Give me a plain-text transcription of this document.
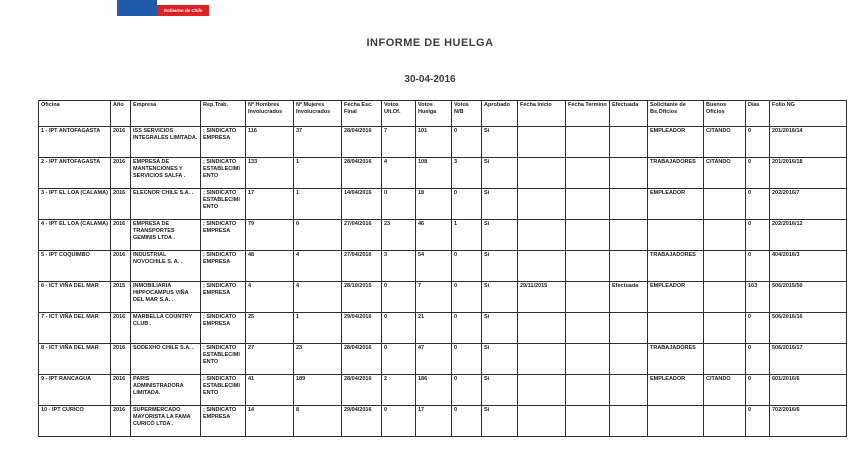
Gobierno de Chile
INFORME DE HUELGA
30-04-2016
Oficina	Año	Empresa	Rep.Trab.	Nº Hombres Involucrados	Nº Mujeres Involucrados	Fecha Esc. Final	Votos Ult.Of.	Votos Huelga	Votos N/B	Aprobado	Fecha Inicio	Fecha Termino	Efectuada	Solicitante de Bs.Oficios	Buenos Oficios	Días	Folio NG
1 - IPT ANTOFAGASTA	2016	ISS SERVICIOS INTEGRALES LIMITADA.	; SINDICATO EMPRESA	116	37	28/04/2016	7	101	0	Si				EMPLEADOR	CITANDO	0	201/2016/14
2 - IPT ANTOFAGASTA	2016	EMPRESA DE MANTENCIONES Y SERVICIOS SALFA .	; SINDICATO ESTABLECIMIENTO	133	1	28/04/2016	4	108	3	Si				TRABAJADORES	CITANDO	0	201/2016/18
3 - IPT EL LOA (CALAMA)	2016	ELECNOR CHILE S.A. .	; SINDICATO ESTABLECIMIENTO	17	1	14/04/2016	0	18	0	Si				EMPLEADOR		0	202/2016/7
4 - IPT EL LOA (CALAMA)	2016	EMPRESA DE TRANSPORTES GEMINIS LTDA .	; SINDICATO EMPRESA	79	0	27/04/2016	23	46	1	Si						0	202/2016/12
5 - IPT COQUIMBO	2016	INDUSTRIAL NOVOCHILE S. A. .	; SINDICATO EMPRESA	48	4	27/04/2016	3	54	0	Si				TRABAJADORES		0	404/2016/3
6 - ICT VIÑA DEL MAR	2015	INMOBILIARIA HIPPOCAMPUS VIÑA DEL MAR S.A. .	; SINDICATO EMPRESA	4	4	28/10/2015	0	7	0	Si	29/11/2015		Efectuada	EMPLEADOR		163	506/2015/50
7 - ICT VIÑA DEL MAR	2016	MARBELLA COUNTRY CLUB .	; SINDICATO EMPRESA	25	1	29/04/2016	0	21	0	Si						0	506/2016/16
8 - ICT VIÑA DEL MAR	2016	SODEXHO CHILE S.A. .	; SINDICATO ESTABLECIMIENTO	27	23	28/04/2016	0	47	0	Si				TRABAJADORES		0	506/2016/17
9 - IPT RANCAGUA	2016	PARIS ADMINISTRADORA LIMITADA.	; SINDICATO ESTABLECIMIENTO	41	189	28/04/2016	2	186	0	Si				EMPLEADOR	CITANDO	0	601/2016/6
10 - IPT CURICO	2016	SUPERMERCADO MAYORISTA LA FAMA CURICÓ LTDA .	; SINDICATO EMPRESA	14	8	29/04/2016	0	17	0	Si						0	702/2016/6
